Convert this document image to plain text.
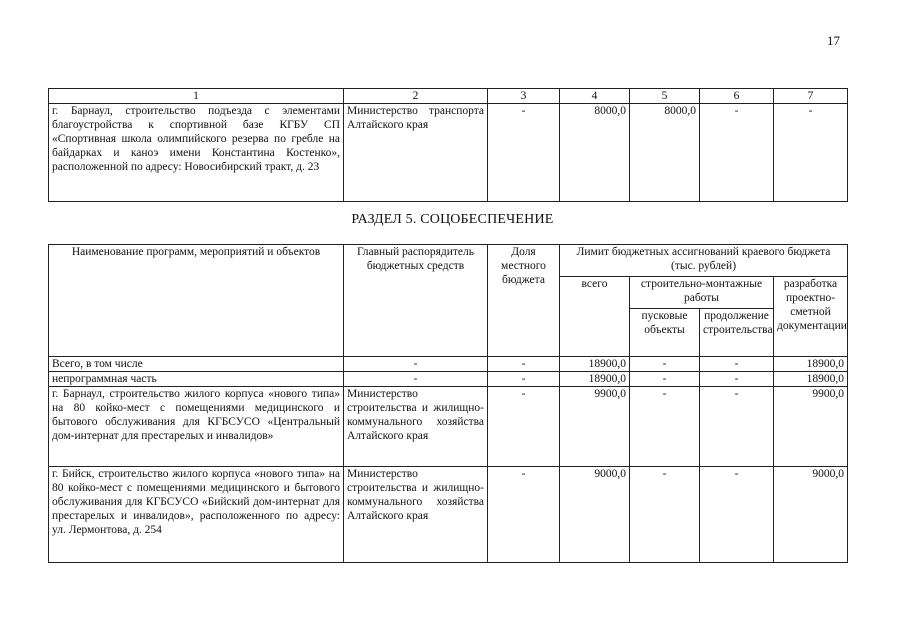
17
1	2	3	4	5	6	7
г. Барнаул, строительство подъезда с элементами благоустройства к спортивной базе КГБУ СП «Спортивная школа олимпийского резерва по гребле на байдарках и каноэ имени Константина Костенко», расположенной по адресу: Новосибирский тракт, д. 23	Министерство транспорта Алтайского края	-	8000,0	8000,0	-	-
РАЗДЕЛ 5. СОЦОБЕСПЕЧЕНИЕ
Наименование программ, мероприятий и объектов	Главный распорядитель бюджетных средств	Доля местного бюджета	Лимит бюджетных ассигнований краевого бюджета (тыс. рублей)			
			всего	строительно-монтажные работы		разработка проектно-сметной документации
				пусковые объекты	продолжение строительства	
Всего, в том числе	-	-	18900,0	-	-	18900,0
непрограммная часть	-	-	18900,0	-	-	18900,0
г. Барнаул, строительство жилого корпуса «нового типа» на 80 койко-мест с помещениями медицинского и бытового обслуживания для КГБСУСО «Центральный дом-интернат для престарелых и инвалидов»	Министерство строительства и жилищно-коммунального хозяйства Алтайского края	-	9900,0	-	-	9900,0
г. Бийск, строительство жилого корпуса «нового типа» на 80 койко-мест с помещениями медицинского и бытового обслуживания для КГБСУСО «Бийский дом-интернат для престарелых и инвалидов», расположенного по адресу: ул. Лермонтова, д. 254	Министерство строительства и жилищно-коммунального хозяйства Алтайского края	-	9000,0	-	-	9000,0
